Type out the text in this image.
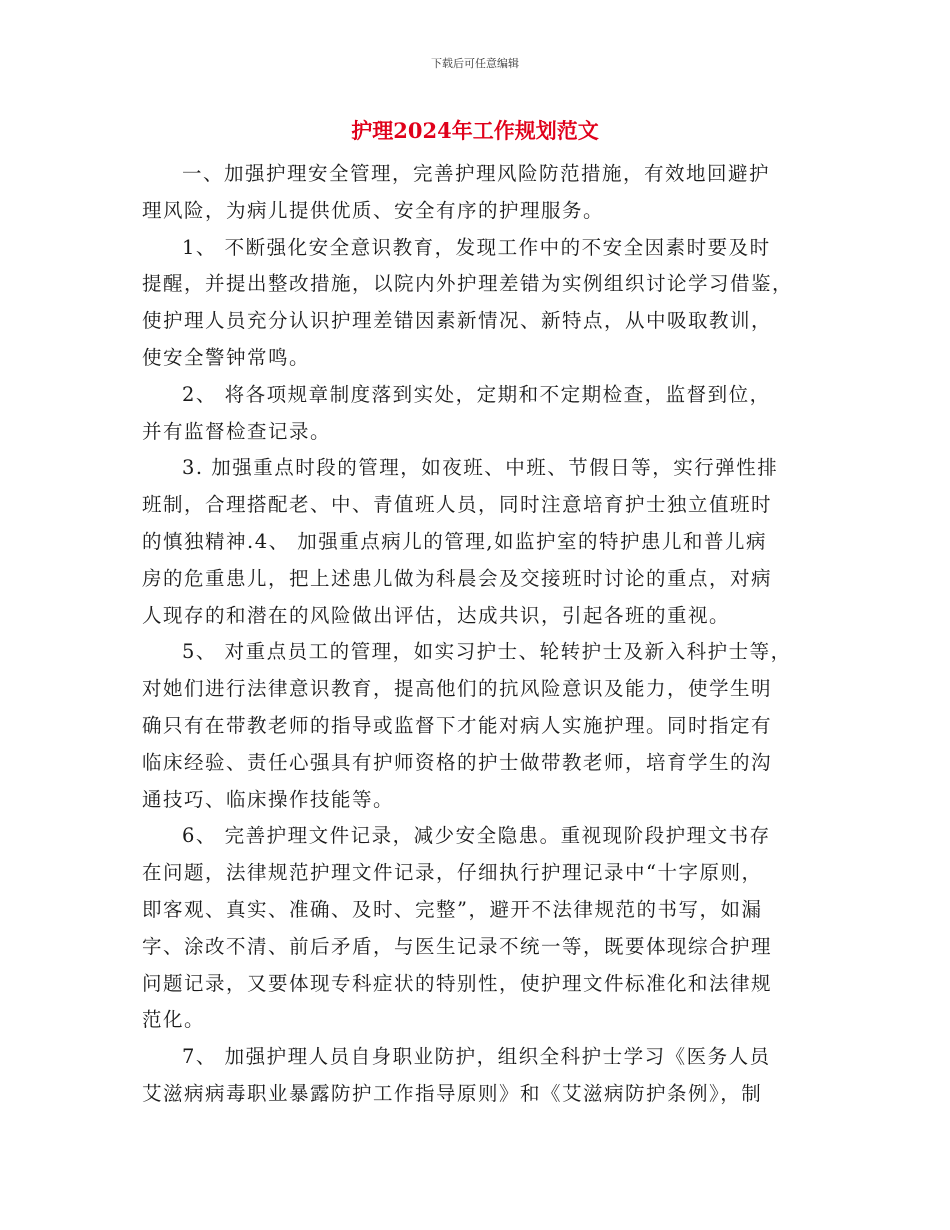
下载后可任意编辑
护理2024年工作规划范文

一、加强护理安全管理，完善护理风险防范措施，有效地回避护
理风险，为病儿提供优质、安全有序的护理服务。

1、 不断强化安全意识教育，发现工作中的不安全因素时要及时
提醒，并提出整改措施，以院内外护理差错为实例组织讨论学习借鉴，
使护理人员充分认识护理差错因素新情况、新特点，从中吸取教训，
使安全警钟常鸣。

2、 将各项规章制度落到实处，定期和不定期检查，监督到位，
并有监督检查记录。

3. 加强重点时段的管理，如夜班、中班、节假日等，实行弹性排
班制，合理搭配老、中、青值班人员，同时注意培育护士独立值班时
的慎独精神.4、 加强重点病儿的管理,如监护室的特护患儿和普儿病
房的危重患儿，把上述患儿做为科晨会及交接班时讨论的重点，对病
人现存的和潜在的风险做出评估，达成共识，引起各班的重视。

5、 对重点员工的管理，如实习护士、轮转护士及新入科护士等，
对她们进行法律意识教育，提高他们的抗风险意识及能力，使学生明
确只有在带教老师的指导或监督下才能对病人实施护理。同时指定有
临床经验、责任心强具有护师资格的护士做带教老师，培育学生的沟
通技巧、临床操作技能等。

6、 完善护理文件记录，减少安全隐患。重视现阶段护理文书存
在问题，法律规范护理文件记录，仔细执行护理记录中“十字原则，
即客观、真实、准确、及时、完整”，避开不法律规范的书写，如漏
字、涂改不清、前后矛盾，与医生记录不统一等，既要体现综合护理
问题记录，又要体现专科症状的特别性，使护理文件标准化和法律规
范化。

7、 加强护理人员自身职业防护，组织全科护士学习《医务人员
艾滋病病毒职业暴露防护工作指导原则》和《艾滋病防护条例》，制
